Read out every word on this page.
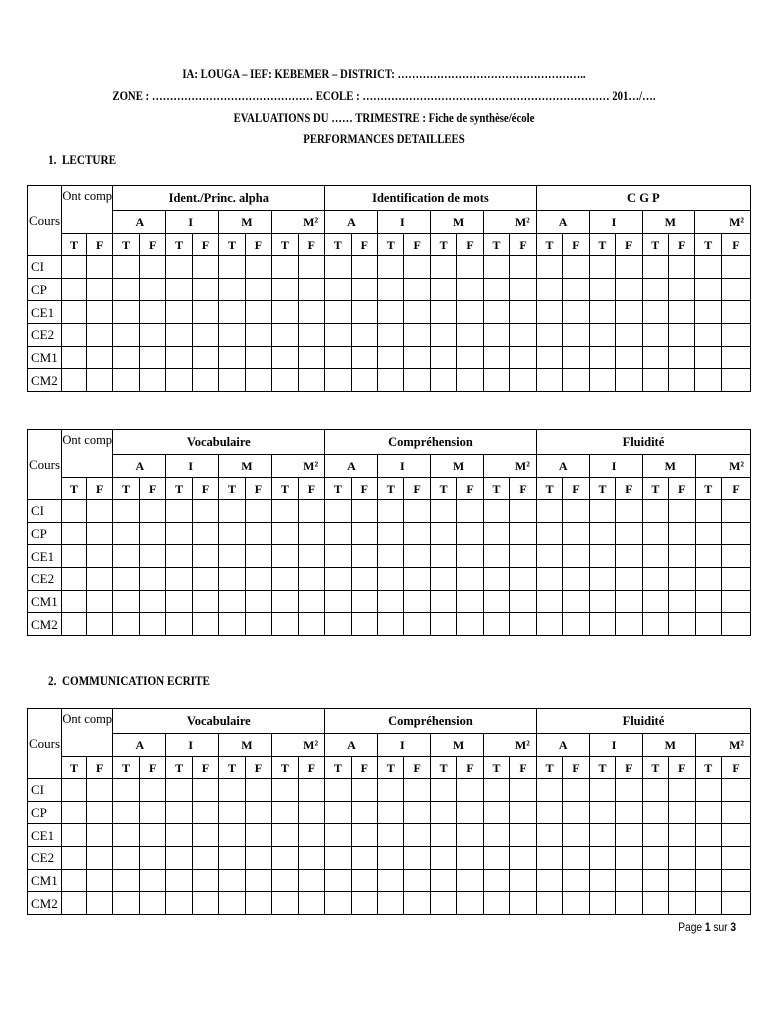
IA: LOUGA – IEF: KEBEMER – DISTRICT: ……………………………………………..
ZONE : ……………………………………… ECOLE : …………………………………………………………… 201…/….
EVALUATIONS DU …… TRIMESTRE : Fiche de synthèse/école
PERFORMANCES DETAILLEES
1. LECTURE
Cours	Ont comp		Ident./Princ. alpha								Identification de mots								C G P							
			A		I		M		M²		A		I		M		M²		A		I		M		M²	
	T	F	T	F	T	F	T	F	T	F	T	F	T	F	T	F	T	F	T	F	T	F	T	F	T	F
CI																										
CP																										
CE1																										
CE2																										
CM1																										
CM2																										
Cours	Ont comp		Vocabulaire								Compréhension								Fluidité							
			A		I		M		M²		A		I		M		M²		A		I		M		M²	
	T	F	T	F	T	F	T	F	T	F	T	F	T	F	T	F	T	F	T	F	T	F	T	F	T	F
CI																										
CP																										
CE1																										
CE2																										
CM1																										
CM2																										
2. COMMUNICATION ECRITE
Cours	Ont comp		Vocabulaire								Compréhension								Fluidité							
			A		I		M		M²		A		I		M		M²		A		I		M		M²	
	T	F	T	F	T	F	T	F	T	F	T	F	T	F	T	F	T	F	T	F	T	F	T	F	T	F
CI																										
CP																										
CE1																										
CE2																										
CM1																										
CM2																										
Page 1 sur 3
